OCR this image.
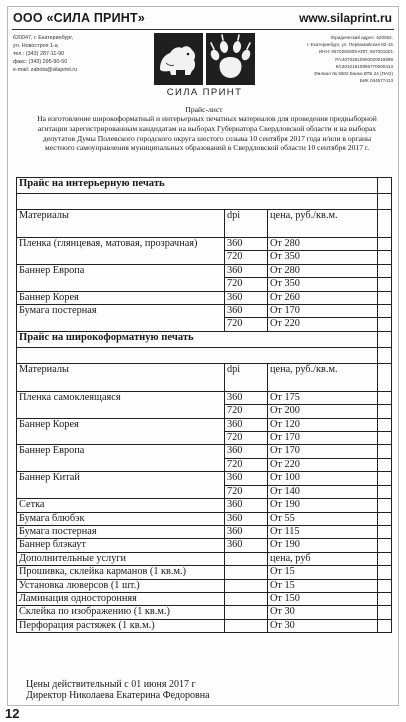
ООО «СИЛА ПРИНТ»	www.silaprint.ru
620047, г. Екатеринбург,
ул. Новостроя 1-а
тел.: (343) 287-11-90
факс: (343) 295-90-50
e-mail: zabota@silaprint.ru
Юридический адрес: 620062,
г. Екатеринбург, ул. Первомайская 82-15
ИНН: 6670292809 КПП: 667001001
Р/с40702810900020016699
К/с30101810965770000413
Филиал № 5602 Банка ВТБ 24 (ПАО)
БИК 044577413
СИЛА ПРИНТ
Прайс-лист
На изготовление широкоформатный и интерьерных печатных материалов для проведения предвыборной агитации зарегистрированным кандидатам на выборах Губернатора Свердловской области и на выборах депутатов Думы Полевского городского округа шестого созыва 10 сентября 2017 года и/или в органы местного самоуправления муниципальных образований в Свердловской области 10 сентября 2017 г.
Прайс на интерьерную печать			

Материалы	dpi	цена, руб./кв.м.	
Пленка (глянцевая, матовая, прозрачная)	360	От 280	
	720	От 350	
Баннер Европа	360	От 280	
	720	От 350	
Баннер Корея	360	От 260	
Бумага постерная	360	От 170	
	720	От 220	
Прайс на широкоформатную печать			

Материалы	dpi	цена, руб./кв.м.	
Пленка самоклеящаяся	360	От 175	
	720	От 200	
Баннер Корея	360	От 120	
	720	От 170	
Баннер Европа	360	От 170	
	720	От 220	
Баннер Китай	360	От 100	
	720	От 140	
Сетка	360	От 190	
Бумага блюбэк	360	От 55	
Бумага постерная	360	От 115	
Баннер блэкаут	360	От 190	
Дополнительные услуги		цена, руб	
Прошивка, склейка карманов (1 кв.м.)		От 15	
Установка люверсов (1 шт.)		От 15	
Ламинация односторонняя		От 150	
Склейка по изображению (1 кв.м.)		От 30	
Перфорация растяжек (1 кв.м.)		От 30	
Цены действительный с 01 июня 2017 г
Директор Николаева Екатерина Федоровна
12
